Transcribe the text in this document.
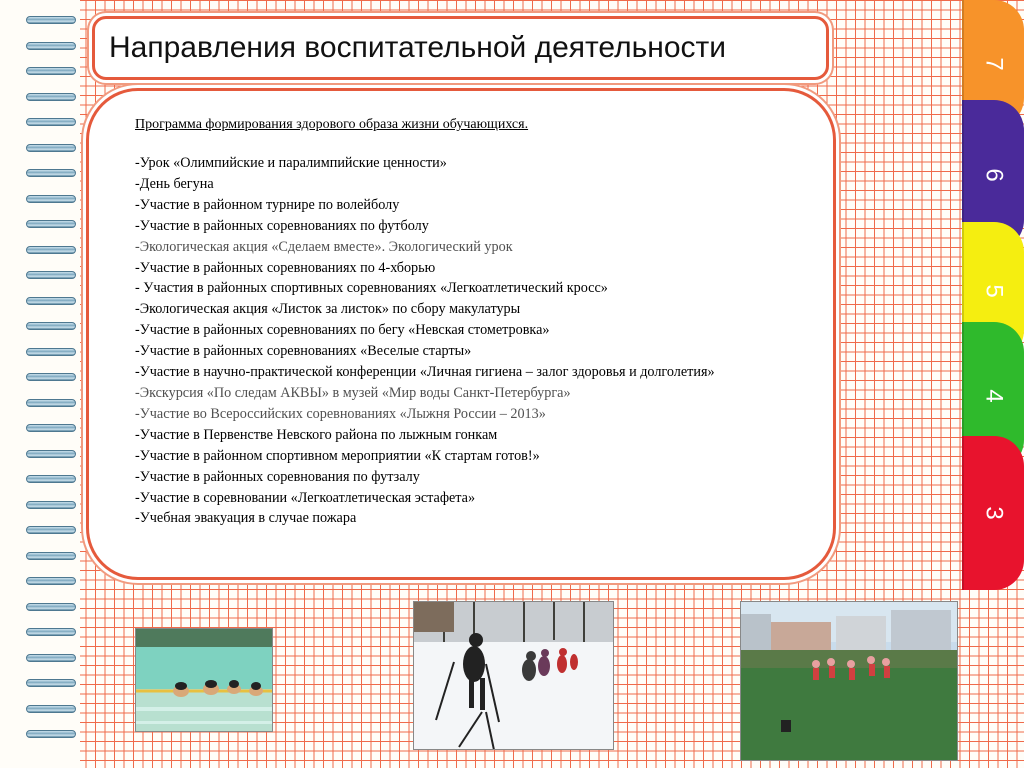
Направления воспитательной деятельности
Программа формирования здорового образа жизни обучающихся.
-Урок «Олимпийские и паралимпийские ценности»
-День бегуна
-Участие в районном турнире по волейболу
-Участие в районных соревнованиях по футболу
-Экологическая акция «Сделаем вместе». Экологический урок
-Участие в районных соревнованиях по 4-хборью
- Участия в районных спортивных соревнованиях «Легкоатлетический кросс»
-Экологическая акция «Листок за листок» по сбору макулатуры
-Участие в районных соревнованиях по бегу «Невская стометровка»
-Участие в районных соревнованиях «Веселые старты»
-Участие в научно-практической конференции «Личная гигиена – залог здоровья и долголетия»
-Экскурсия «По следам АКВЫ» в музей «Мир воды Санкт-Петербурга»
-Участие во Всероссийских соревнованиях «Лыжня России – 2013»
-Участие в Первенстве Невского района по лыжным гонкам
-Участие в районном спортивном мероприятии «К стартам готов!»
-Участие в районных соревнования по футзалу
-Участие в соревновании «Легкоатлетическая эстафета»
-Учебная эвакуация в случае пожара
7
6
5
4
3
